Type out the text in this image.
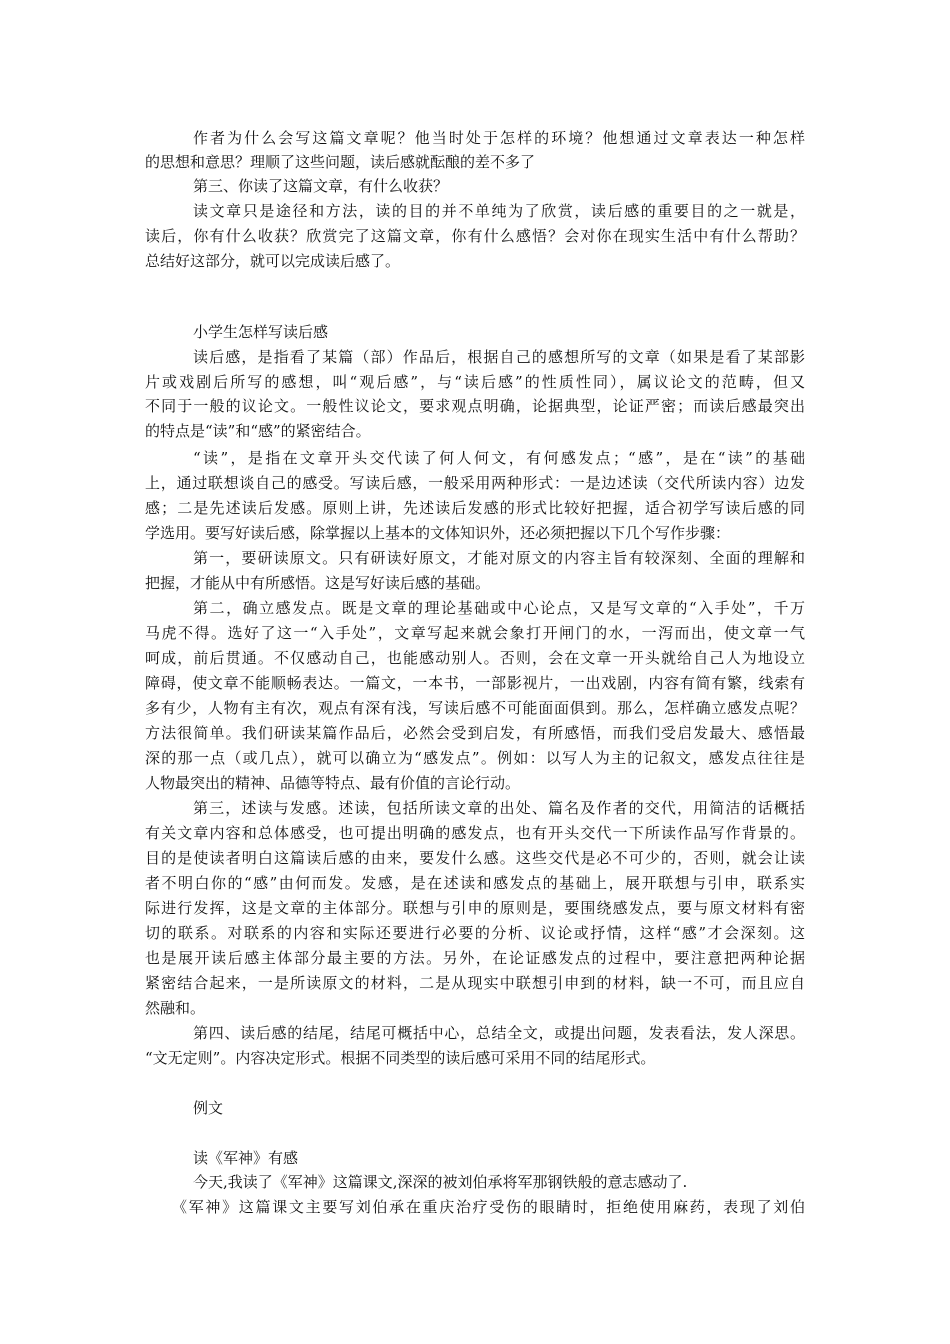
作者为什么会写这篇文章呢？他当时处于怎样的环境？他想通过文章表达一种怎样
的思想和意思？理顺了这些问题，读后感就酝酿的差不多了
第三、你读了这篇文章，有什么收获？
读文章只是途径和方法，读的目的并不单纯为了欣赏，读后感的重要目的之一就是，
读后，你有什么收获？欣赏完了这篇文章，你有什么感悟？会对你在现实生活中有什么帮助？
总结好这部分，就可以完成读后感了。
小学生怎样写读后感
读后感，是指看了某篇（部）作品后，根据自己的感想所写的文章（如果是看了某部影
片或戏剧后所写的感想，叫“观后感”，与“读后感”的性质性同），属议论文的范畴，但又
不同于一般的议论文。一般性议论文，要求观点明确，论据典型，论证严密；而读后感最突出
的特点是“读”和“感”的紧密结合。
“读”，是指在文章开头交代读了何人何文，有何感发点；“感”，是在“读”的基础
上，通过联想谈自己的感受。写读后感，一般采用两种形式：一是边述读（交代所读内容）边发
感；二是先述读后发感。原则上讲，先述读后发感的形式比较好把握，适合初学写读后感的同
学选用。要写好读后感，除掌握以上基本的文体知识外，还必须把握以下几个写作步骤：
第一，要研读原文。只有研读好原文，才能对原文的内容主旨有较深刻、全面的理解和
把握，才能从中有所感悟。这是写好读后感的基础。
第二，确立感发点。既是文章的理论基础或中心论点，又是写文章的“入手处”，千万
马虎不得。选好了这一“入手处”，文章写起来就会象打开闸门的水，一泻而出，使文章一气
呵成，前后贯通。不仅感动自己，也能感动别人。否则，会在文章一开头就给自己人为地设立
障碍，使文章不能顺畅表达。一篇文，一本书，一部影视片，一出戏剧，内容有简有繁，线索有
多有少，人物有主有次，观点有深有浅，写读后感不可能面面俱到。那么，怎样确立感发点呢？
方法很简单。我们研读某篇作品后，必然会受到启发，有所感悟，而我们受启发最大、感悟最
深的那一点（或几点），就可以确立为“感发点”。例如：以写人为主的记叙文，感发点往往是
人物最突出的精神、品德等特点、最有价值的言论行动。
第三，述读与发感。述读，包括所读文章的出处、篇名及作者的交代，用简洁的话概括
有关文章内容和总体感受，也可提出明确的感发点，也有开头交代一下所读作品写作背景的。
目的是使读者明白这篇读后感的由来，要发什么感。这些交代是必不可少的，否则，就会让读
者不明白你的“感”由何而发。发感，是在述读和感发点的基础上，展开联想与引申，联系实
际进行发挥，这是文章的主体部分。联想与引申的原则是，要围绕感发点，要与原文材料有密
切的联系。对联系的内容和实际还要进行必要的分析、议论或抒情，这样“感”才会深刻。这
也是展开读后感主体部分最主要的方法。另外，在论证感发点的过程中，要注意把两种论据
紧密结合起来，一是所读原文的材料，二是从现实中联想引申到的材料，缺一不可，而且应自
然融和。
第四、读后感的结尾，结尾可概括中心，总结全文，或提出问题，发表看法，发人深思。
“文无定则”。内容决定形式。根据不同类型的读后感可采用不同的结尾形式。
例文
读《军神》有感
今天,我读了《军神》这篇课文,深深的被刘伯承将军那钢铁般的意志感动了.
《军神》这篇课文主要写刘伯承在重庆治疗受伤的眼睛时，拒绝使用麻药，表现了刘伯
